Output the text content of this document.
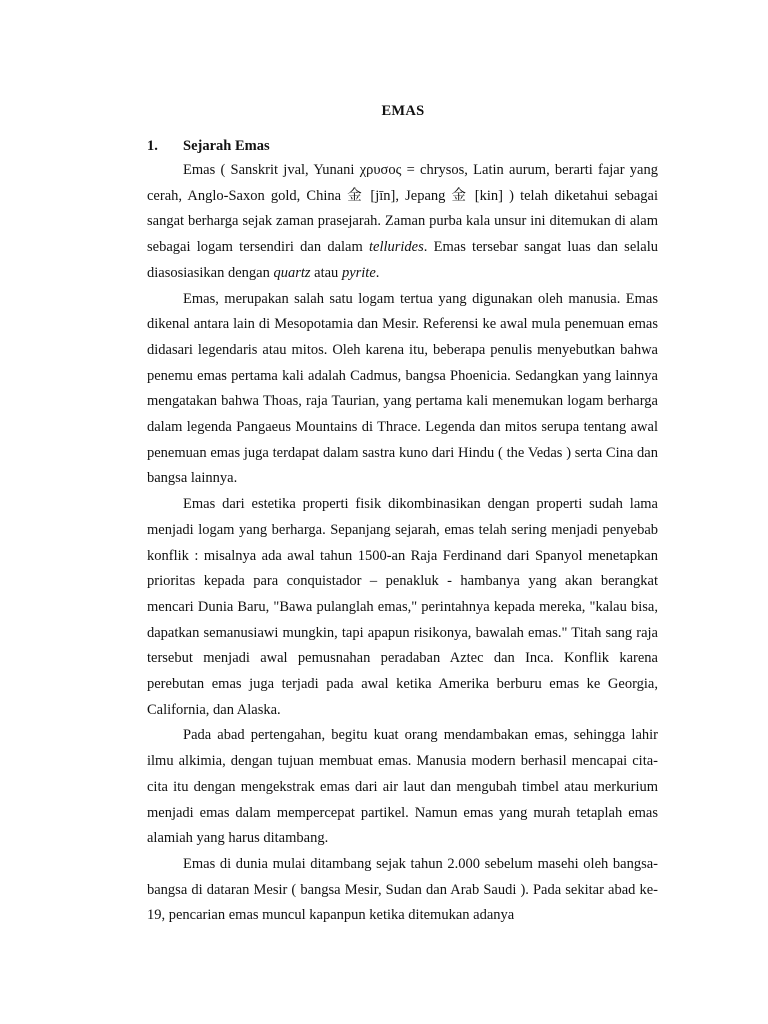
EMAS
1. Sejarah Emas

Emas ( Sanskrit jval, Yunani χρυσος = chrysos, Latin aurum, berarti fajar yang cerah, Anglo-Saxon gold, China 金 [jīn], Jepang 金 [kin] ) telah diketahui sebagai sangat berharga sejak zaman prasejarah. Zaman purba kala unsur ini ditemukan di alam sebagai logam tersendiri dan dalam tellurides. Emas tersebar sangat luas dan selalu diasosiasikan dengan quartz atau pyrite.

Emas, merupakan salah satu logam tertua yang digunakan oleh manusia. Emas dikenal antara lain di Mesopotamia dan Mesir. Referensi ke awal mula penemuan emas didasari legendaris atau mitos. Oleh karena itu, beberapa penulis menyebutkan bahwa penemu emas pertama kali adalah Cadmus, bangsa Phoenicia. Sedangkan yang lainnya mengatakan bahwa Thoas, raja Taurian, yang pertama kali menemukan logam berharga dalam legenda Pangaeus Mountains di Thrace. Legenda dan mitos serupa tentang awal penemuan emas juga terdapat dalam sastra kuno dari Hindu ( the Vedas ) serta Cina dan bangsa lainnya.

Emas dari estetika properti fisik dikombinasikan dengan properti sudah lama menjadi logam yang berharga. Sepanjang sejarah, emas telah sering menjadi penyebab konflik : misalnya ada awal tahun 1500-an Raja Ferdinand dari Spanyol menetapkan prioritas kepada para conquistador – penakluk - hambanya yang akan berangkat mencari Dunia Baru, "Bawa pulanglah emas," perintahnya kepada mereka, "kalau bisa, dapatkan semanusiawi mungkin, tapi apapun risikonya, bawalah emas." Titah sang raja tersebut menjadi awal pemusnahan peradaban Aztec dan Inca. Konflik karena perebutan emas juga terjadi pada awal ketika Amerika berburu emas ke Georgia, California, dan Alaska.

Pada abad pertengahan, begitu kuat orang mendambakan emas, sehingga lahir ilmu alkimia, dengan tujuan membuat emas. Manusia modern berhasil mencapai cita-cita itu dengan mengekstrak emas dari air laut dan mengubah timbel atau merkurium menjadi emas dalam mempercepat partikel. Namun emas yang murah tetaplah emas alamiah yang harus ditambang.

Emas di dunia mulai ditambang sejak tahun 2.000 sebelum masehi oleh bangsa-bangsa di dataran Mesir ( bangsa Mesir, Sudan dan Arab Saudi ). Pada sekitar abad ke-19, pencarian emas muncul kapanpun ketika ditemukan adanya
